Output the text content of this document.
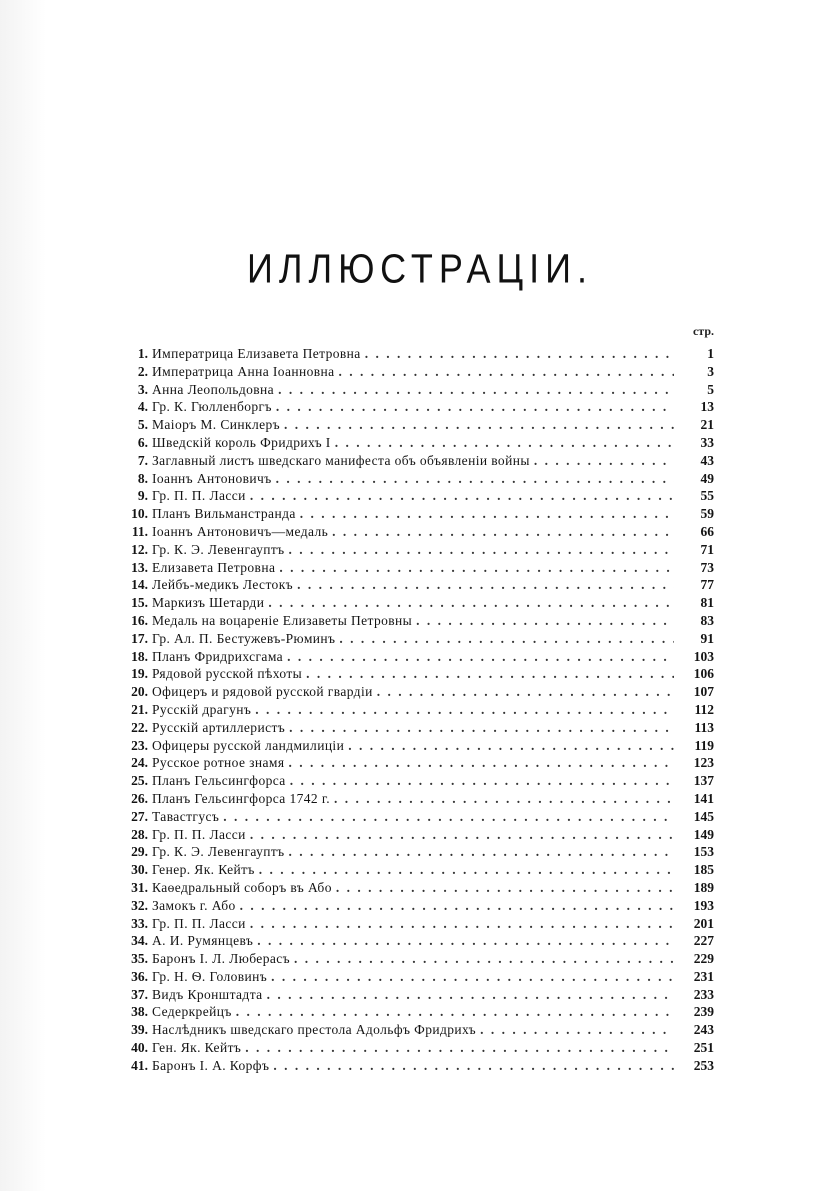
ИЛЛЮСТРАЦIИ.
стр.
1. Императрица Елизавета Петровна . . .	1
2. Императрица Анна Iоанновна . . .	3
3. Анна Леопольдовна . . .	5
4. Гр. К. Гюлленборгъ . . .	13
5. Маiоръ М. Синклеръ . . .	21
6. Шведскiй король Фридрихъ I . . .	33
7. Заглавный листъ шведскаго манифеста объ объявленiи войны . . .	43
8. Iоаннъ Антоновичъ . . .	49
9. Гр. П. П. Ласси . . .	55
10. Планъ Вильманстранда . . .	59
11. Iоаннъ Антоновичъ—медаль . . .	66
12. Гр. К. Э. Левенгауптъ . . .	71
13. Елизавета Петровна . . .	73
14. Лейбъ-медикъ Лестокъ . . .	77
15. Маркизъ Шетарди . . .	81
16. Медаль на воцаренiе Елизаветы Петровны . . .	83
17. Гр. Ал. П. Бестужевъ-Рюминъ . . .	91
18. Планъ Фридрихсгама . . .	103
19. Рядовой русской пѣхоты . . .	106
20. Офицеръ и рядовой русской гвардiи . . .	107
21. Русскiй драгунъ . . .	112
22. Русскiй артиллеристъ . . .	113
23. Офицеры русской ландмилицiи . . .	119
24. Русское ротное знамя . . .	123
25. Планъ Гельсингфорса . . .	137
26. Планъ Гельсингфорса 1742 г. . . .	141
27. Тавастгусъ . . .	145
28. Гр. П. П. Ласси . . .	149
29. Гр. К. Э. Левенгауптъ . . .	153
30. Генер. Як. Кейтъ . . .	185
31. Каѳедральный соборъ въ Або . . .	189
32. Замокъ г. Або . . .	193
33. Гр. П. П. Ласси . . .	201
34. А. И. Румянцевъ . . .	227
35. Баронъ I. Л. Люберасъ . . .	229
36. Гр. Н. Ѳ. Головинъ . . .	231
37. Видъ Кронштадта . . .	233
38. Седеркрейцъ . . .	239
39. Наслѣдникъ шведскаго престола Адольфъ Фридрихъ . . .	243
40. Ген. Як. Кейтъ . . .	251
41. Баронъ I. А. Корфъ . . .	253
